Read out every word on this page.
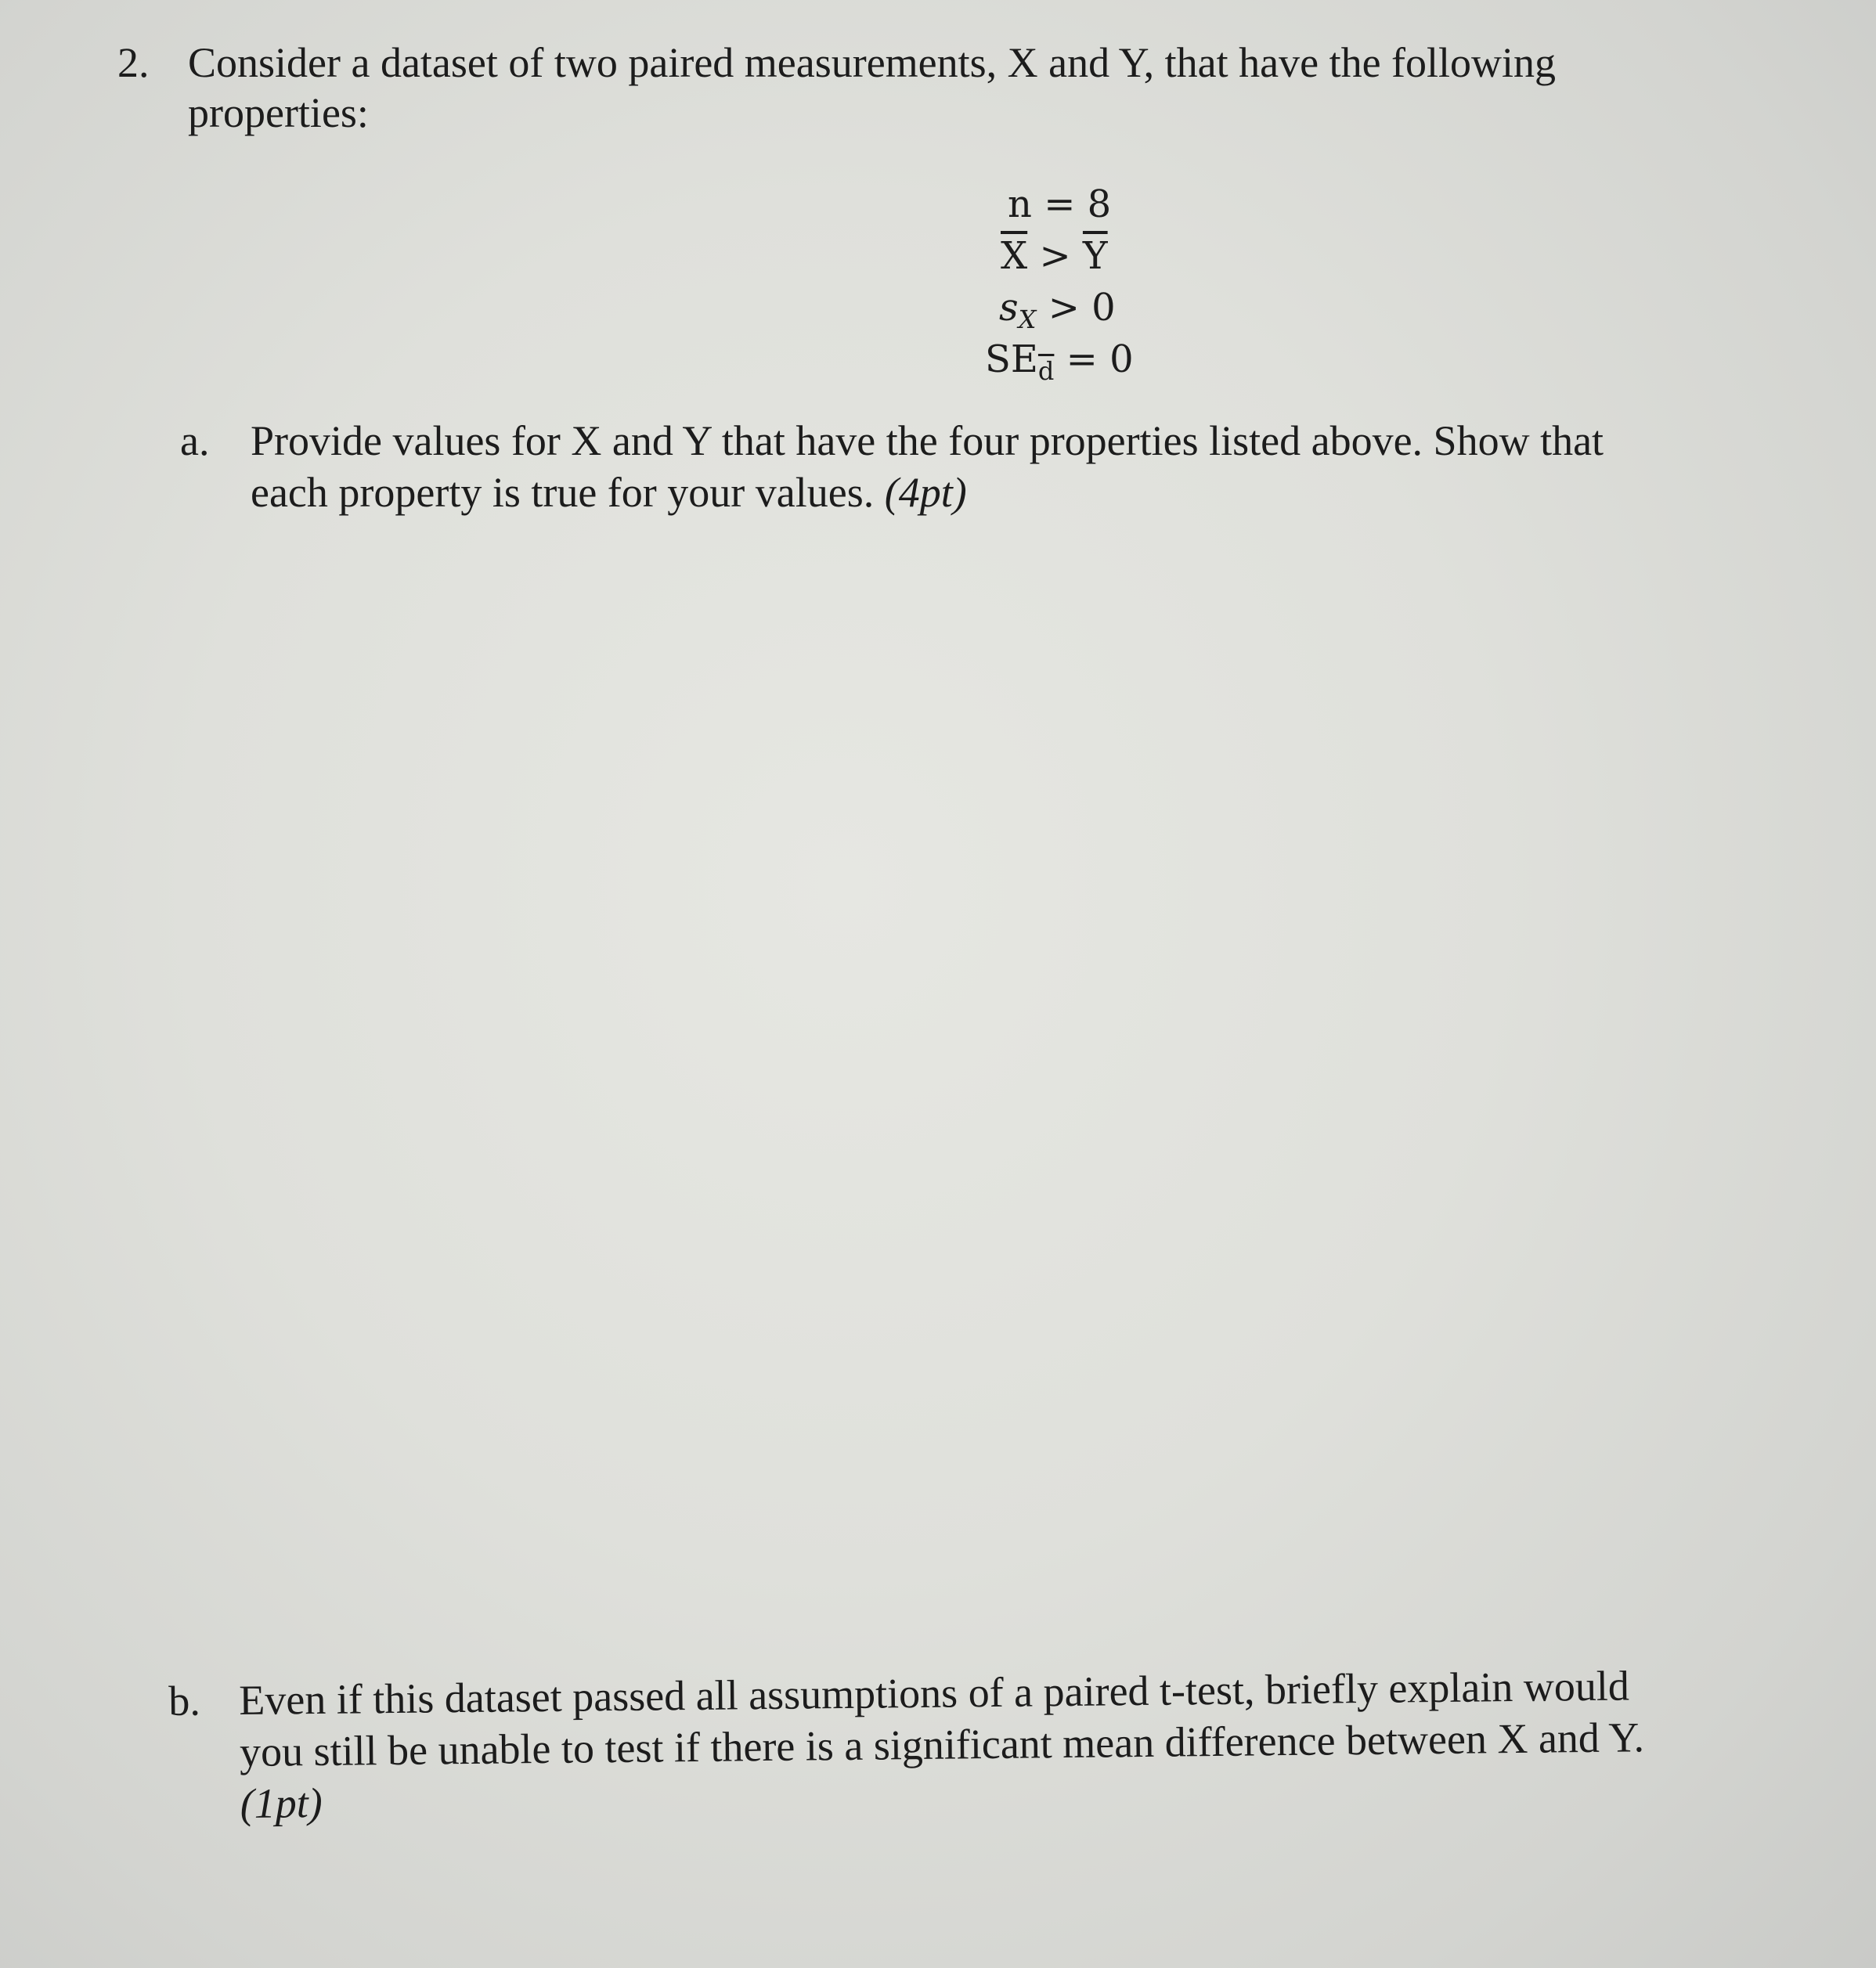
2. Consider a dataset of two paired measurements, X and Y, that have the following
properties:
n = 8
$\overline{X} > \overline{Y}$
sX > 0
$SE\overline{d} = 0$
a. Provide values for X and Y that have the four properties listed above. Show that
each property is true for your values. (4pt)
b. Even if this dataset passed all assumptions of a paired t-test, briefly explain would
you still be unable to test if there is a significant mean difference between X and Y.
(1pt)
